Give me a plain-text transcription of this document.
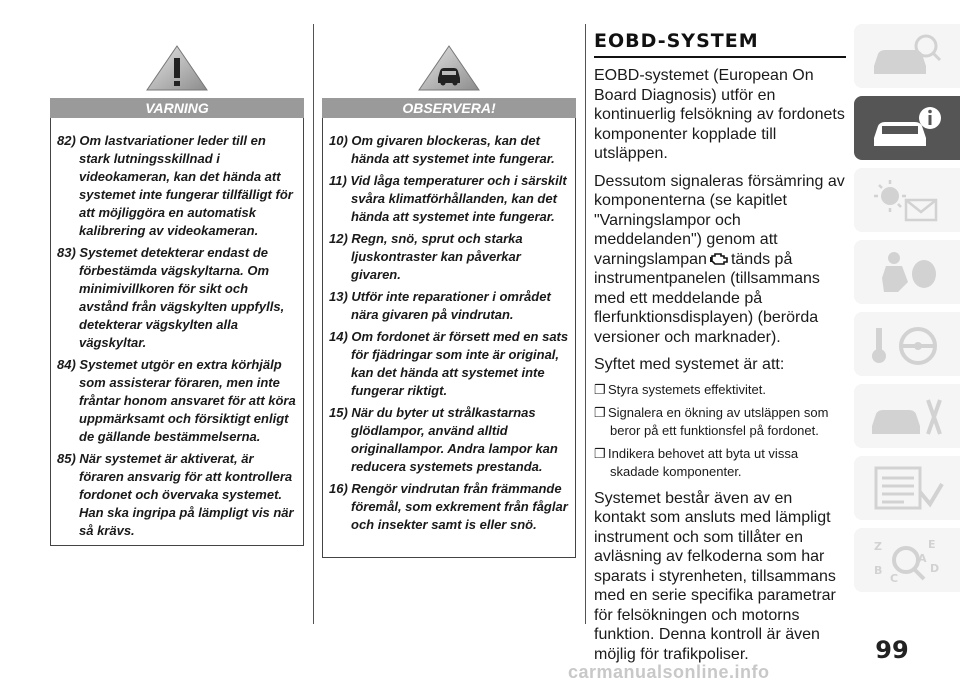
VARNING
82) Om lastvariationer leder till en stark lutningsskillnad i videokameran, kan det hända att systemet inte fungerar tillfälligt för att möjliggöra en automatisk kalibrering av videokameran.
83) Systemet detekterar endast de förbestämda vägskyltarna. Om minimivillkoren för sikt och avstånd från vägskylten uppfylls, detekterar vägskylten alla vägskyltar.
84) Systemet utgör en extra körhjälp som assisterar föraren, men inte fråntar honom ansvaret för att köra uppmärksamt och försiktigt enligt de gällande bestämmelserna.
85) När systemet är aktiverat, är föraren ansvarig för att kontrollera fordonet och övervaka systemet. Han ska ingripa på lämpligt vis när så krävs.
OBSERVERA!
10) Om givaren blockeras, kan det hända att systemet inte fungerar.
11) Vid låga temperaturer och i särskilt svåra klimatförhållanden, kan det hända att systemet inte fungerar.
12) Regn, snö, sprut och starka ljuskontraster kan påverkar givaren.
13) Utför inte reparationer i området nära givaren på vindrutan.
14) Om fordonet är försett med en sats för fjädringar som inte är original, kan det hända att systemet inte fungerar riktigt.
15) När du byter ut strålkastarnas glödlampor, använd alltid originallampor. Andra lampor kan reducera systemets prestanda.
16) Rengör vindrutan från främmande föremål, som exkrement från fåglar och insekter samt is eller snö.
EOBD-SYSTEM

EOBD-systemet (European On Board Diagnosis) utför en kontinuerlig felsökning av fordonets komponenter kopplade till utsläppen.

Dessutom signaleras försämring av komponenterna (se kapitlet "Varningslampor och meddelanden") genom att varningslampan tänds på instrumentpanelen (tillsammans med ett meddelande på flerfunktionsdisplayen) (berörda versioner och marknader).

Syftet med systemet är att:

❒ Styra systemets effektivitet.
❒ Signalera en ökning av utsläppen som beror på ett funktionsfel på fordonet.
❒ Indikera behovet att byta ut vissa skadade komponenter.

Systemet består även av en kontakt som ansluts med lämpligt instrument och som tillåter en avläsning av felkoderna som har sparats i styrenheten, tillsammans med en serie specifika parametrar för felsökningen och motorns funktion. Denna kontroll är även möjlig för trafikpoliser.

Z	E
B	D
C
A
99
carmanualsonline.info
